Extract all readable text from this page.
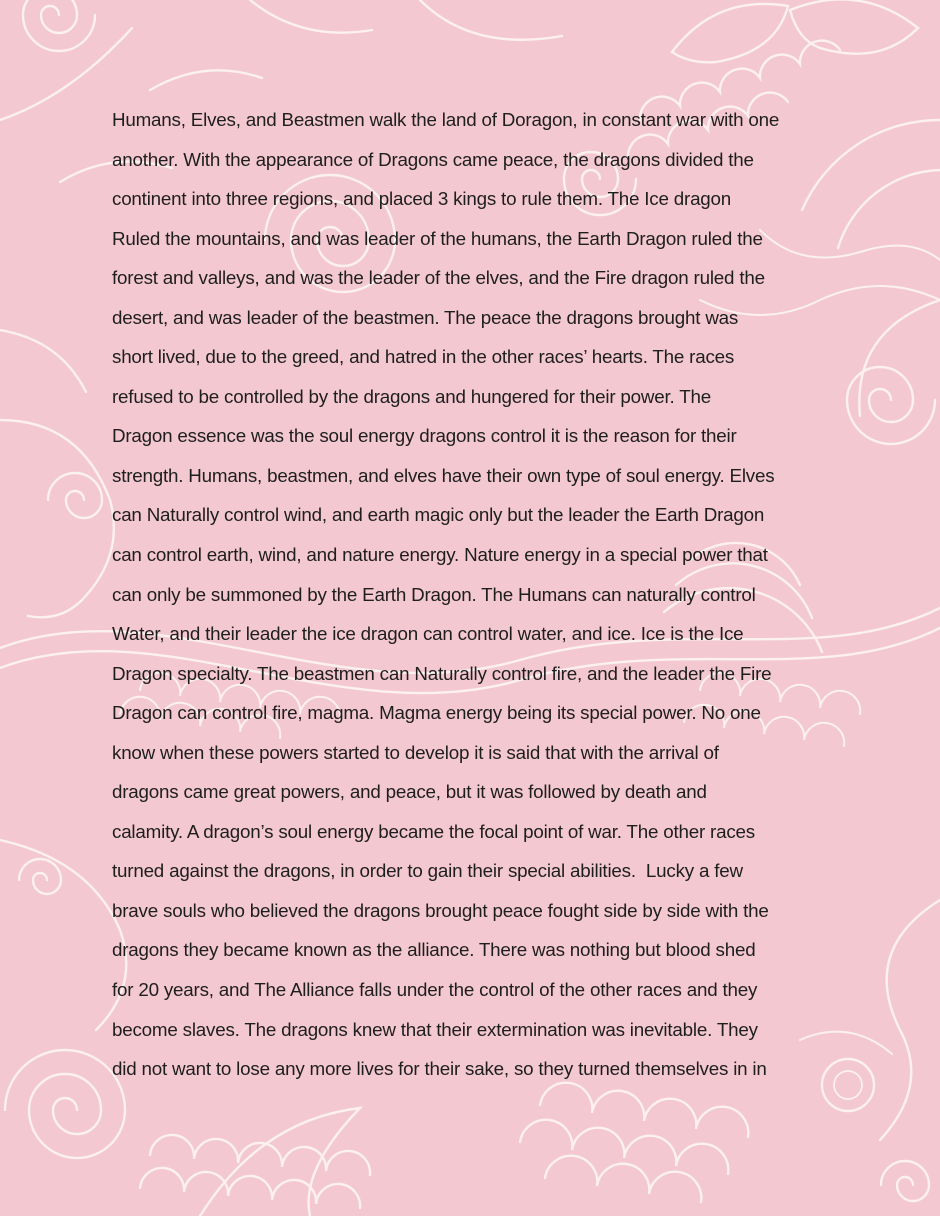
Humans, Elves, and Beastmen walk the land of Doragon, in constant war with one
another. With the appearance of Dragons came peace, the dragons divided the
continent into three regions, and placed 3 kings to rule them. The Ice dragon
Ruled the mountains, and was leader of the humans, the Earth Dragon ruled the
forest and valleys, and was the leader of the elves, and the Fire dragon ruled the
desert, and was leader of the beastmen. The peace the dragons brought was
short lived, due to the greed, and hatred in the other races’ hearts. The races
refused to be controlled by the dragons and hungered for their power. The
Dragon essence was the soul energy dragons control it is the reason for their
strength. Humans, beastmen, and elves have their own type of soul energy. Elves
can Naturally control wind, and earth magic only but the leader the Earth Dragon
can control earth, wind, and nature energy. Nature energy in a special power that
can only be summoned by the Earth Dragon. The Humans can naturally control
Water, and their leader the ice dragon can control water, and ice. Ice is the Ice
Dragon specialty. The beastmen can Naturally control fire, and the leader the Fire
Dragon can control fire, magma. Magma energy being its special power. No one
know when these powers started to develop it is said that with the arrival of
dragons came great powers, and peace, but it was followed by death and
calamity. A dragon’s soul energy became the focal point of war. The other races
turned against the dragons, in order to gain their special abilities.  Lucky a few
brave souls who believed the dragons brought peace fought side by side with the
dragons they became known as the alliance. There was nothing but blood shed
for 20 years, and The Alliance falls under the control of the other races and they
become slaves. The dragons knew that their extermination was inevitable. They
did not want to lose any more lives for their sake, so they turned themselves in in
